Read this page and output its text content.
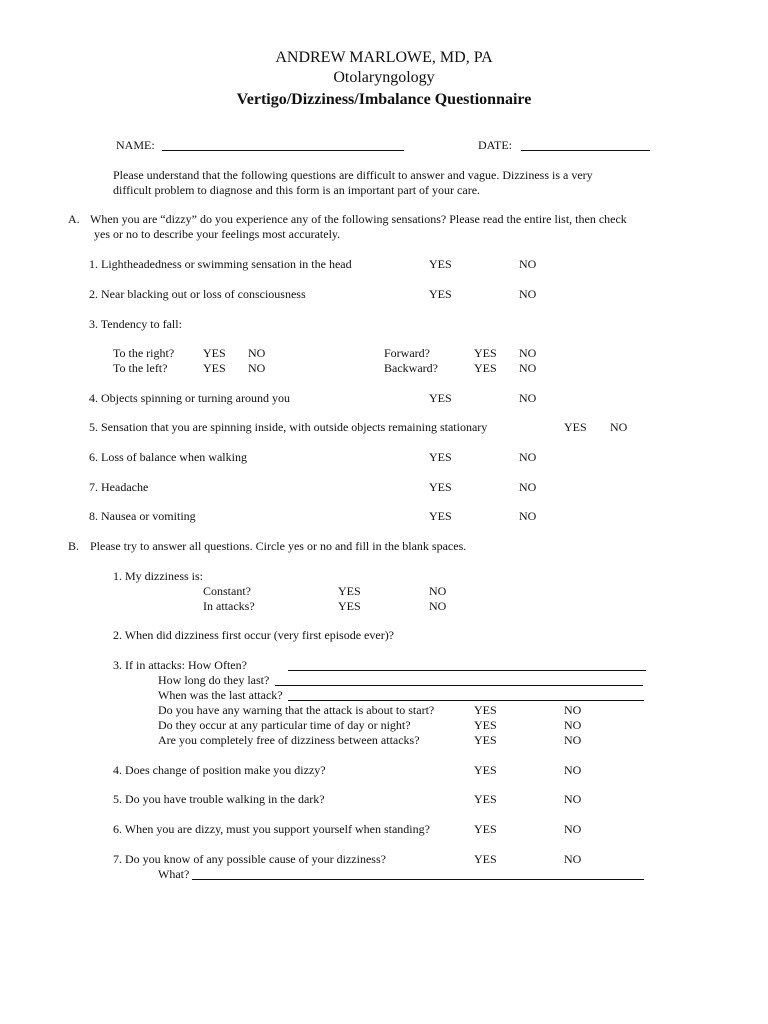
ANDREW MARLOWE, MD, PA
Otolaryngology
Vertigo/Dizziness/Imbalance Questionnaire
NAME:	DATE:
Please understand that the following questions are difficult to answer and vague. Dizziness is a very
difficult problem to diagnose and this form is an important part of your care.
A. When you are “dizzy” do you experience any of the following sensations? Please read the entire list, then check
yes or no to describe your feelings most accurately.
1. Lightheadedness or swimming sensation in the head	YES	NO
2. Near blacking out or loss of consciousness	YES	NO
3. Tendency to fall:
To the right? YES NO	Forward?	YES NO
To the left?	YES NO	Backward?	YES NO
4. Objects spinning or turning around you	YES	NO
5. Sensation that you are spinning inside, with outside objects remaining stationary	YES NO
6. Loss of balance when walking	YES	NO
7. Headache	YES	NO
8. Nausea or vomiting	YES	NO
B. Please try to answer all questions. Circle yes or no and fill in the blank spaces.
1. My dizziness is:
Constant?	YES	NO
In attacks?	YES	NO
2. When did dizziness first occur (very first episode ever)?
3. If in attacks: How Often?
How long do they last?
When was the last attack?
Do you have any warning that the attack is about to start?	YES	NO
Do they occur at any particular time of day or night?	YES	NO
Are you completely free of dizziness between attacks?	YES	NO
4. Does change of position make you dizzy?	YES	NO
5. Do you have trouble walking in the dark?	YES	NO
6. When you are dizzy, must you support yourself when standing?	YES	NO
7. Do you know of any possible cause of your dizziness?	YES	NO
What?
